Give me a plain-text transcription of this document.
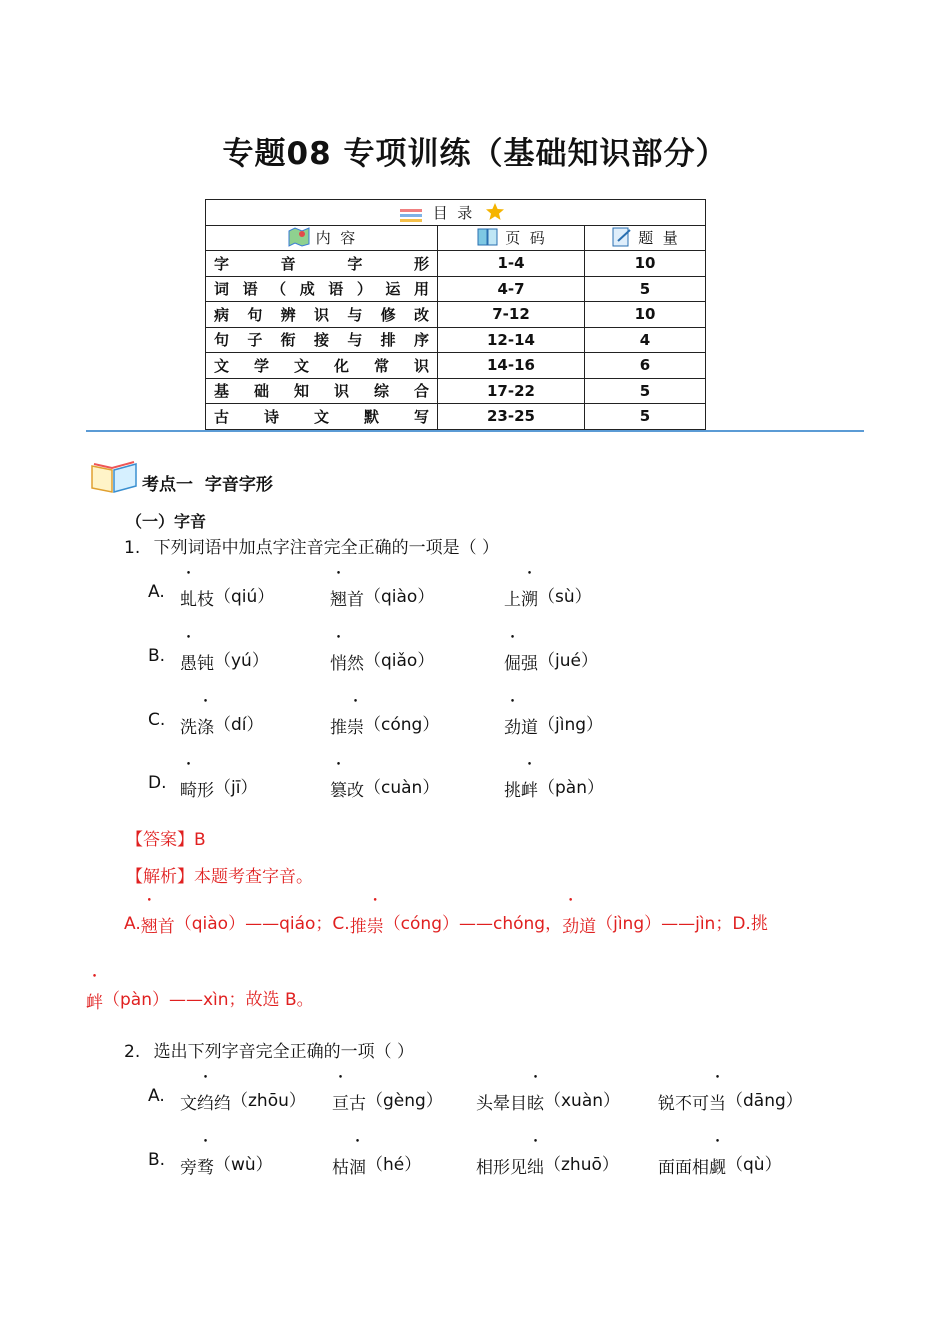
专题08 专项训练（基础知识部分）
目  录		
内  容	页  码	题  量
字音字形	1-4	10
词语（成语）运用	4-7	5
病句辨识与修改	7-12	10
句子衔接与排序	12-14	4
文学文化常识	14-16	6
基础知识综合	17-22	5
古诗文默写	23-25	5
考点一  字音字形
（一）字音
1. 下列词语中加点字注音完全正确的一项是（ ）
A. 虬枝（qiú）	翘首（qiào）	上溯（sù）
B. 愚钝（yú）	悄然（qiǎo）	倔强（jué）
C. 洗涤（dí）	推崇（cóng）	劲道（jìng）
D. 畸形（jī）	篡改（cuàn）	挑衅（pàn）
【答案】B
【解析】本题考查字音。
A.翘首（qiào）——qiáo；C.推崇（cóng）——chóng，劲道（jìng）——jìn；D.挑
衅（pàn）——xìn；故选 B。
2. 选出下列字音完全正确的一项（ ）
A. 文绉绉（zhōu） 亘古（gèng） 头晕目眩（xuàn） 锐不可当（dāng）
B. 旁骛（wù）	枯涸（hé）	相形见绌（zhuō） 面面相觑（qù）
